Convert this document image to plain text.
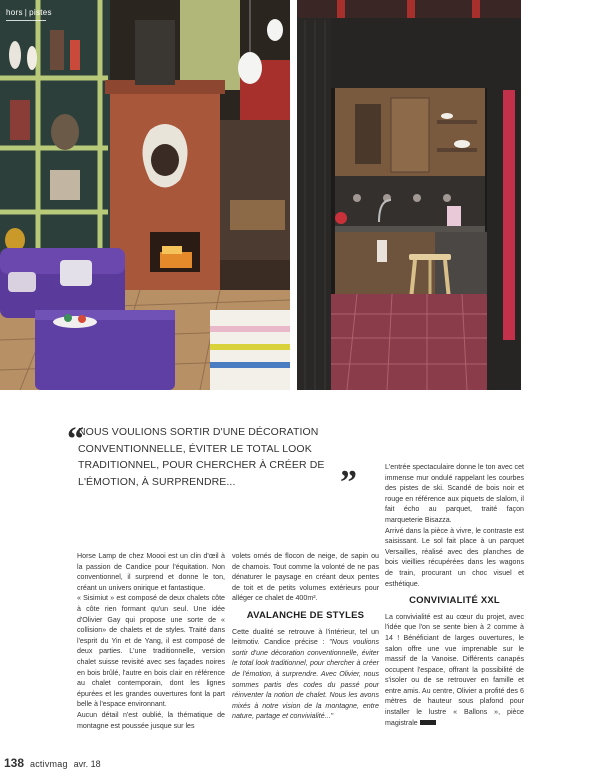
hors | pistes
“
NOUS VOULIONS SORTIR D'UNE DÉCORATION CONVENTIONNELLE, ÉVITER LE TOTAL LOOK TRADITIONNEL, POUR CHERCHER À CRÉER DE L'ÉMOTION, À SURPRENDRE...	”

Horse Lamp de chez Moooi est un clin d'œil à la passion de Candice pour l'équitation. Non conventionnel, il surprend et donne le ton, créant un univers onirique et fantastique.

« Sisimiut » est composé de deux chalets côte à côte rien formant qu'un seul. Une idée d'Olivier Gay qui propose une sorte de « collision» de chalets et de styles. Traité dans l'esprit du Yin et de Yang, il est composé de deux parties. L'une traditionnelle, version chalet suisse revisité avec ses façades noires en bois brûlé, l'autre en bois clair en référence au chalet contemporain, dont les lignes épurées et les grandes ouvertures font la part belle à l'espace environnant.

Aucun détail n'est oublié, la thématique de montagne est poussée jusque sur les

volets ornés de flocon de neige, de sapin ou de chamois. Tout comme la volonté de ne pas dénaturer le paysage en créant deux pentes de toit et de petits volumes extérieurs pour alléger ce chalet de 400m².

AVALANCHE DE STYLES

Cette dualité se retrouve à l'intérieur, tel un leitmotiv. Candice précise : "Nous voulions sortir d'une décoration conventionnelle, éviter le total look traditionnel, pour chercher à créer de l'émotion, à surprendre. Avec Olivier, nous sommes partis des codes du passé pour réinventer la notion de chalet. Nous les avons mixés à notre vision de la montagne, entre nature, partage et convivialité..."

L'entrée spectaculaire donne le ton avec cet immense mur ondulé rappelant les courbes des pistes de ski. Scandé de bois noir et rouge en référence aux piquets de slalom, il fait écho au parquet, traité façon marqueterie Bisazza.

Arrivé dans la pièce à vivre, le contraste est saisissant. Le sol fait place à un parquet Versailles, réalisé avec des planches de bois vieillies récupérées dans les wagons de train, procurant un choc visuel et esthétique.

CONVIVIALITÉ XXL

La convivialité est au cœur du projet, avec l'idée que l'on se sente bien à 2 comme à 14 ! Bénéficiant de larges ouvertures, le salon offre une vue imprenable sur le massif de la Vanoise. Différents canapés occupent l'espace, offrant la possibilité de s'isoler ou de se retrouver en famille et entre amis. Au centre, Olivier a profité des 6 mètres de hauteur sous plafond pour installer le lustre « Ballons », pièce magistrale

138 activmag avr. 18
